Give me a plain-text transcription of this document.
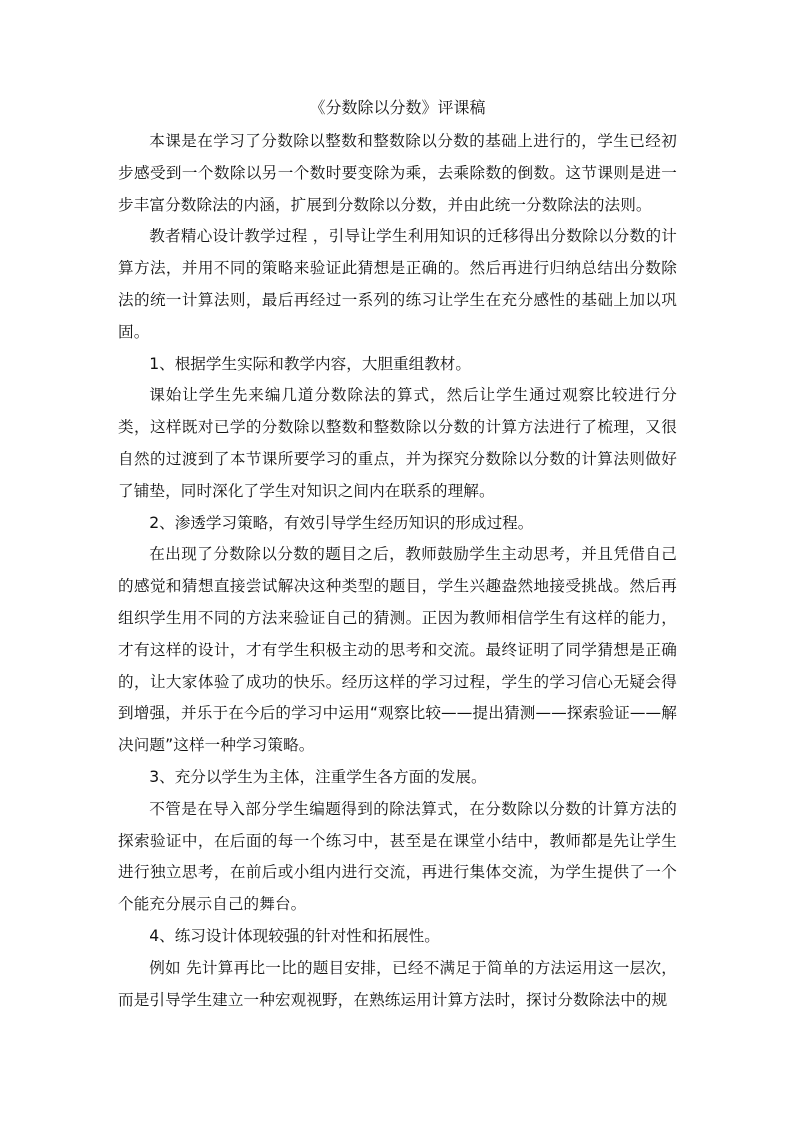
《分数除以分数》评课稿

本课是在学习了分数除以整数和整数除以分数的基础上进行的，学生已经初步感受到一个数除以另一个数时要变除为乘，去乘除数的倒数。这节课则是进一步丰富分数除法的内涵，扩展到分数除以分数，并由此统一分数除法的法则。

教者精心设计教学过程 ，引导让学生利用知识的迁移得出分数除以分数的计算方法，并用不同的策略来验证此猜想是正确的。然后再进行归纳总结出分数除法的统一计算法则，最后再经过一系列的练习让学生在充分感性的基础上加以巩固。

1、根据学生实际和教学内容，大胆重组教材。

课始让学生先来编几道分数除法的算式，然后让学生通过观察比较进行分类，这样既对已学的分数除以整数和整数除以分数的计算方法进行了梳理，又很自然的过渡到了本节课所要学习的重点，并为探究分数除以分数的计算法则做好了铺垫，同时深化了学生对知识之间内在联系的理解。

2、渗透学习策略，有效引导学生经历知识的形成过程。

在出现了分数除以分数的题目之后，教师鼓励学生主动思考，并且凭借自己的感觉和猜想直接尝试解决这种类型的题目，学生兴趣盎然地接受挑战。然后再组织学生用不同的方法来验证自己的猜测。正因为教师相信学生有这样的能力，才有这样的设计，才有学生积极主动的思考和交流。最终证明了同学猜想是正确的，让大家体验了成功的快乐。经历这样的学习过程，学生的学习信心无疑会得到增强，并乐于在今后的学习中运用“观察比较——提出猜测——探索验证——解决问题”这样一种学习策略。

3、充分以学生为主体，注重学生各方面的发展。

不管是在导入部分学生编题得到的除法算式，在分数除以分数的计算方法的探索验证中，在后面的每一个练习中，甚至是在课堂小结中，教师都是先让学生进行独立思考，在前后或小组内进行交流，再进行集体交流，为学生提供了一个个能充分展示自己的舞台。

4、练习设计体现较强的针对性和拓展性。

例如 先计算再比一比的题目安排，已经不满足于简单的方法运用这一层次，而是引导学生建立一种宏观视野，在熟练运用计算方法时，探讨分数除法中的规
